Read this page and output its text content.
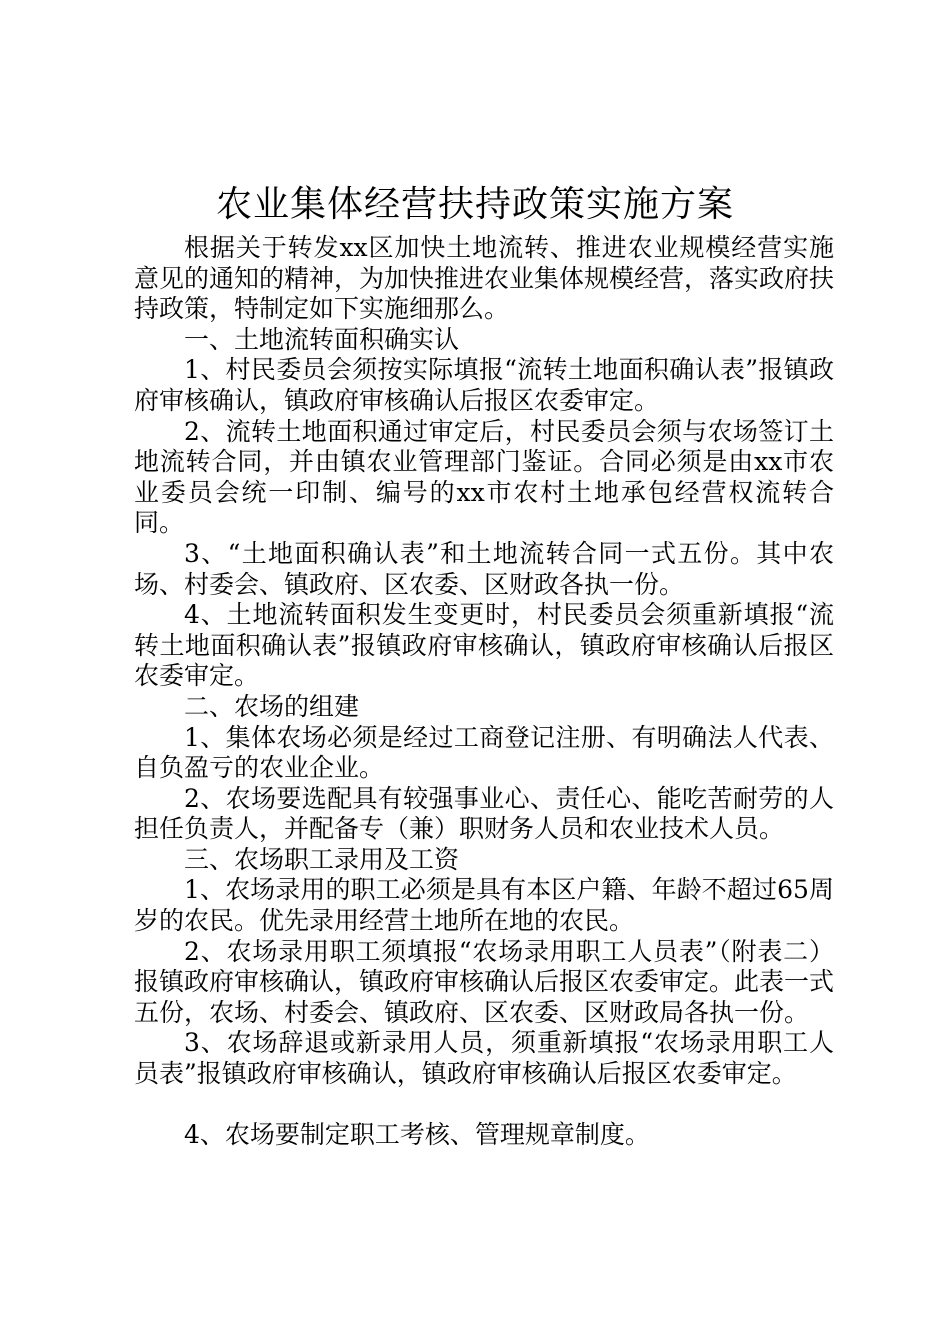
农业集体经营扶持政策实施方案

根据关于转发xx区加快土地流转、推进农业规模经营实施意见的通知的精神，为加快推进农业集体规模经营，落实政府扶持政策，特制定如下实施细那么。

一、土地流转面积确实认

1、村民委员会须按实际填报“流转土地面积确认表”报镇政府审核确认，镇政府审核确认后报区农委审定。

2、流转土地面积通过审定后，村民委员会须与农场签订土地流转合同，并由镇农业管理部门鉴证。合同必须是由xx市农业委员会统一印制、编号的xx市农村土地承包经营权流转合同。

3、“土地面积确认表”和土地流转合同一式五份。其中农场、村委会、镇政府、区农委、区财政各执一份。

4、土地流转面积发生变更时，村民委员会须重新填报“流转土地面积确认表”报镇政府审核确认，镇政府审核确认后报区农委审定。

二、农场的组建

1、集体农场必须是经过工商登记注册、有明确法人代表、自负盈亏的农业企业。

2、农场要选配具有较强事业心、责任心、能吃苦耐劳的人担任负责人，并配备专（兼）职财务人员和农业技术人员。

三、农场职工录用及工资

1、农场录用的职工必须是具有本区户籍、年龄不超过65周岁的农民。优先录用经营土地所在地的农民。

2、农场录用职工须填报“农场录用职工人员表”（附表二）报镇政府审核确认，镇政府审核确认后报区农委审定。此表一式五份，农场、村委会、镇政府、区农委、区财政局各执一份。

3、农场辞退或新录用人员，须重新填报“农场录用职工人员表”报镇政府审核确认，镇政府审核确认后报区农委审定。

4、农场要制定职工考核、管理规章制度。
